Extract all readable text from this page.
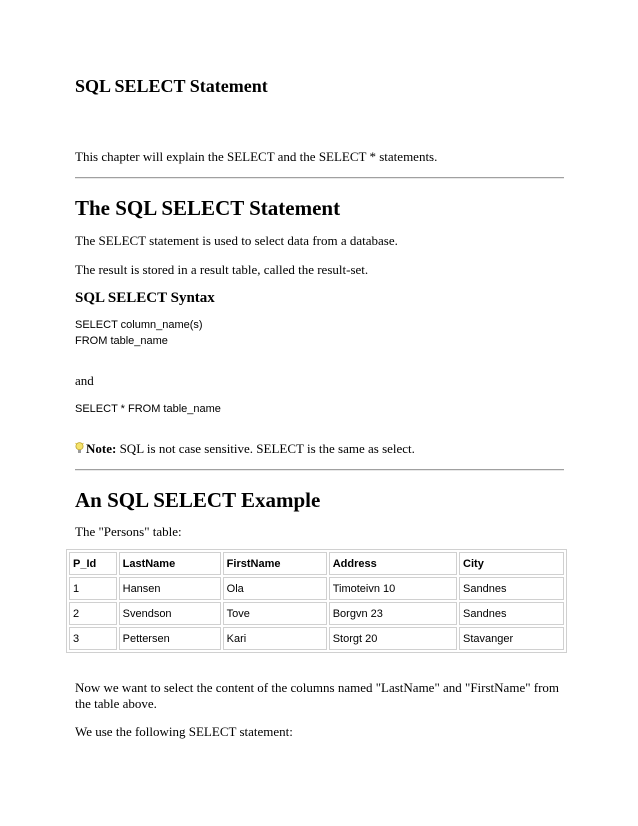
SQL SELECT Statement

This chapter will explain the SELECT and the SELECT * statements.

The SQL SELECT Statement

The SELECT statement is used to select data from a database.

The result is stored in a result table, called the result-set.

SQL SELECT Syntax
SELECT column_name(s)
FROM table_name

and

SELECT * FROM table_name

Note: SQL is not case sensitive. SELECT is the same as select.

An SQL SELECT Example

The "Persons" table:

P_Id	LastName	FirstName	Address	City
1	Hansen	Ola	Timoteivn 10	Sandnes
2	Svendson	Tove	Borgvn 23	Sandnes
3	Pettersen	Kari	Storgt 20	Stavanger

Now we want to select the content of the columns named "LastName" and "FirstName" from the table above.

We use the following SELECT statement:
